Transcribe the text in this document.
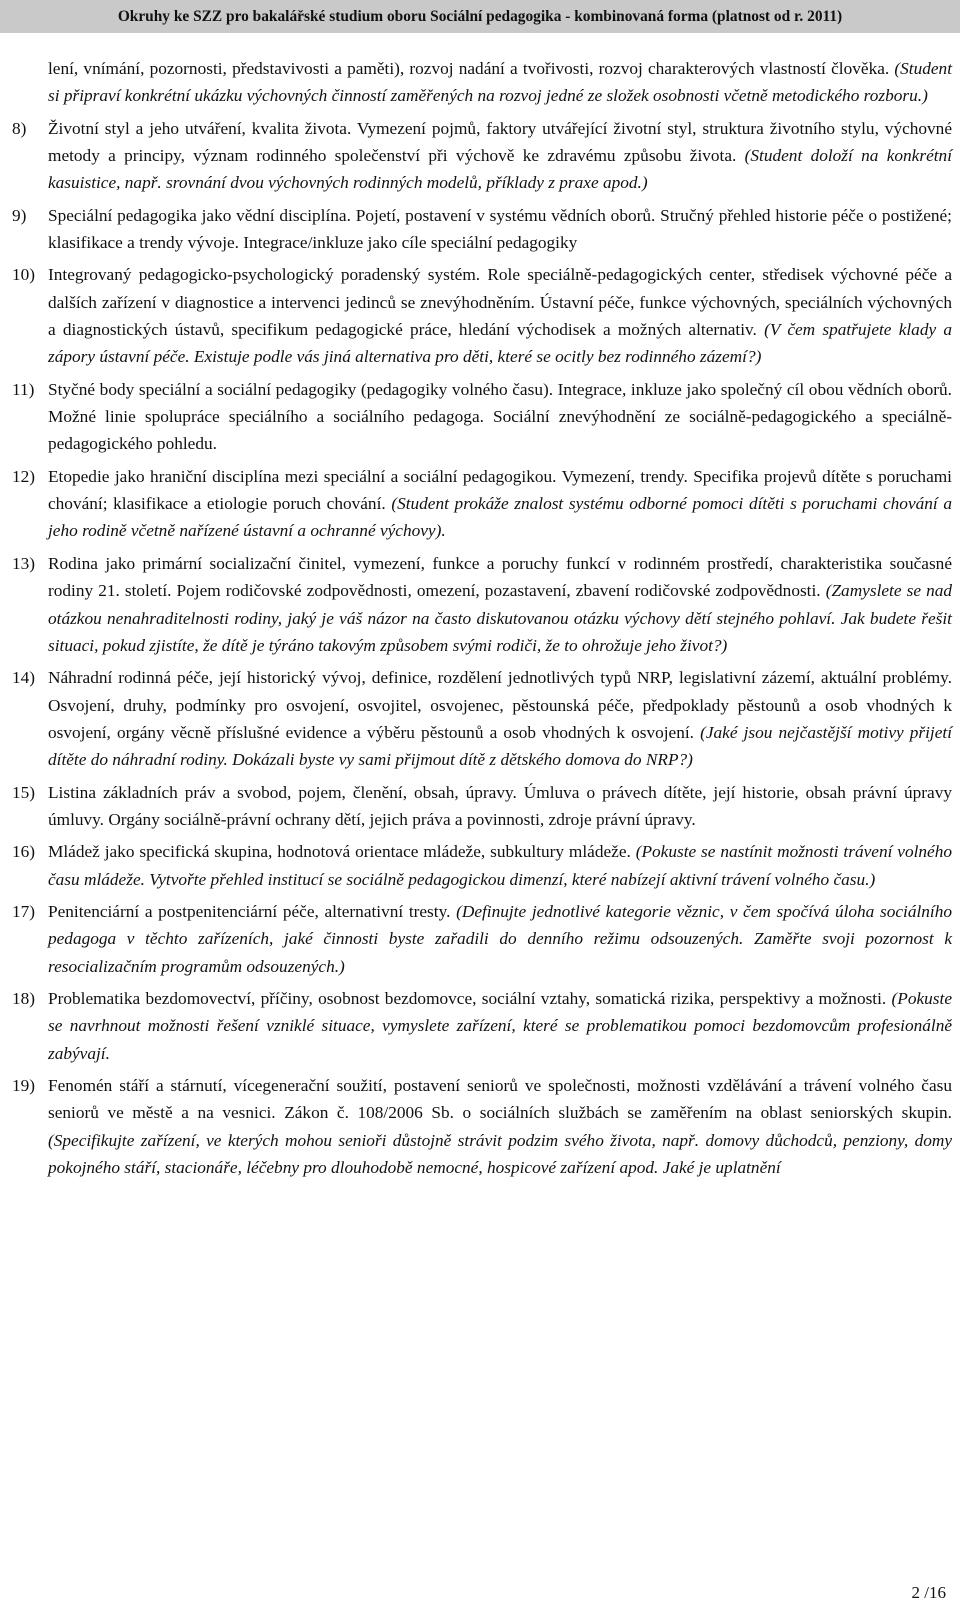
Okruhy ke SZZ pro bakalářské studium oboru Sociální pedagogika - kombinovaná forma (platnost od r. 2011)
lení, vnímání, pozornosti, představivosti a paměti), rozvoj nadání a tvořivosti, rozvoj charakterových vlastností člověka. (Student si připraví konkrétní ukázku výchovných činností zaměřených na rozvoj jedné ze složek osobnosti včetně metodického rozboru.)
8)	Životní styl a jeho utváření, kvalita života. Vymezení pojmů, faktory utvářející životní styl, struktura životního stylu, výchovné metody a principy, význam rodinného společenství při výchově ke zdravému způsobu života. (Student doloží na konkrétní kasuistice, např. srovnání dvou výchovných rodinných modelů, příklady z praxe apod.)
9)	Speciální pedagogika jako vědní disciplína. Pojetí, postavení v systému vědních oborů. Stručný přehled historie péče o postižené; klasifikace a trendy vývoje. Integrace/inkluze jako cíle speciální pedagogiky
10) Integrovaný pedagogicko-psychologický poradenský systém. Role speciálně-pedagogických center, středisek výchovné péče a dalších zařízení v diagnostice a intervenci jedinců se znevýhodněním. Ústavní péče, funkce výchovných, speciálních výchovných a diagnostických ústavů, specifikum pedagogické práce, hledání východisek a možných alternativ. (V čem spatřujete klady a zápory ústavní péče. Existuje podle vás jiná alternativa pro děti, které se ocitly bez rodinného zázemí?)
11) Styčné body speciální a sociální pedagogiky (pedagogiky volného času). Integrace, inkluze jako společný cíl obou vědních oborů. Možné linie spolupráce speciálního a sociálního pedagoga. Sociální znevýhodnění ze sociálně-pedagogického a speciálně-pedagogického pohledu.
12) Etopedie jako hraniční disciplína mezi speciální a sociální pedagogikou. Vymezení, trendy. Specifika projevů dítěte s poruchami chování; klasifikace a etiologie poruch chování. (Student prokáže znalost systému odborné pomoci dítěti s poruchami chování a jeho rodině včetně nařízené ústavní a ochranné výchovy).
13) Rodina jako primární socializační činitel, vymezení, funkce a poruchy funkcí v rodinném prostředí, charakteristika současné rodiny 21. století. Pojem rodičovské zodpovědnosti, omezení, pozastavení, zbavení rodičovské zodpovědnosti. (Zamyslete se nad otázkou nenahraditelnosti rodiny, jaký je váš názor na často diskutovanou otázku výchovy dětí stejného pohlaví. Jak budete řešit situaci, pokud zjistíte, že dítě je týráno takovým způsobem svými rodiči, že to ohrožuje jeho život?)
14) Náhradní rodinná péče, její historický vývoj, definice, rozdělení jednotlivých typů NRP, legislativní zázemí, aktuální problémy. Osvojení, druhy, podmínky pro osvojení, osvojitel, osvojenec, pěstounská péče, předpoklady pěstounů a osob vhodných k osvojení, orgány věcně příslušné evidence a výběru pěstounů a osob vhodných k osvojení. (Jaké jsou nejčastější motivy přijetí dítěte do náhradní rodiny. Dokázali byste vy sami přijmout dítě z dětského domova do NRP?)
15) Listina základních práv a svobod, pojem, členění, obsah, úpravy. Úmluva o právech dítěte, její historie, obsah právní úpravy úmluvy. Orgány sociálně-právní ochrany dětí, jejich práva a povinnosti, zdroje právní úpravy.
16) Mládež jako specifická skupina, hodnotová orientace mládeže, subkultury mládeže. (Pokuste se nastínit možnosti trávení volného času mládeže. Vytvořte přehled institucí se sociálně pedagogickou dimenzí, které nabízejí aktivní trávení volného času.)
17) Penitenciární a postpenitenciární péče, alternativní tresty. (Definujte jednotlivé kategorie věznic, v čem spočívá úloha sociálního pedagoga v těchto zařízeních, jaké činnosti byste zařadili do denního režimu odsouzených. Zaměřte svoji pozornost k resocializačním programům odsouzených.)
18) Problematika bezdomovectví, příčiny, osobnost bezdomovce, sociální vztahy, somatická rizika, perspektivy a možnosti. (Pokuste se navrhnout možnosti řešení vzniklé situace, vymyslete zařízení, které se problematikou pomoci bezdomovcům profesionálně zabývají.
19) Fenomén stáří a stárnutí, vícegenerační soužití, postavení seniorů ve společnosti, možnosti vzdělávání a trávení volného času seniorů ve městě a na vesnici. Zákon č. 108/2006 Sb. o sociálních službách se zaměřením na oblast seniorských skupin. (Specifikujte zařízení, ve kterých mohou senioři důstojně strávit podzim svého života, např. domovy důchodců, penziony, domy pokojného stáří, stacionáře, léčebny pro dlouhodobě nemocné, hospicové zařízení apod. Jaké je uplatnění
2 /16
